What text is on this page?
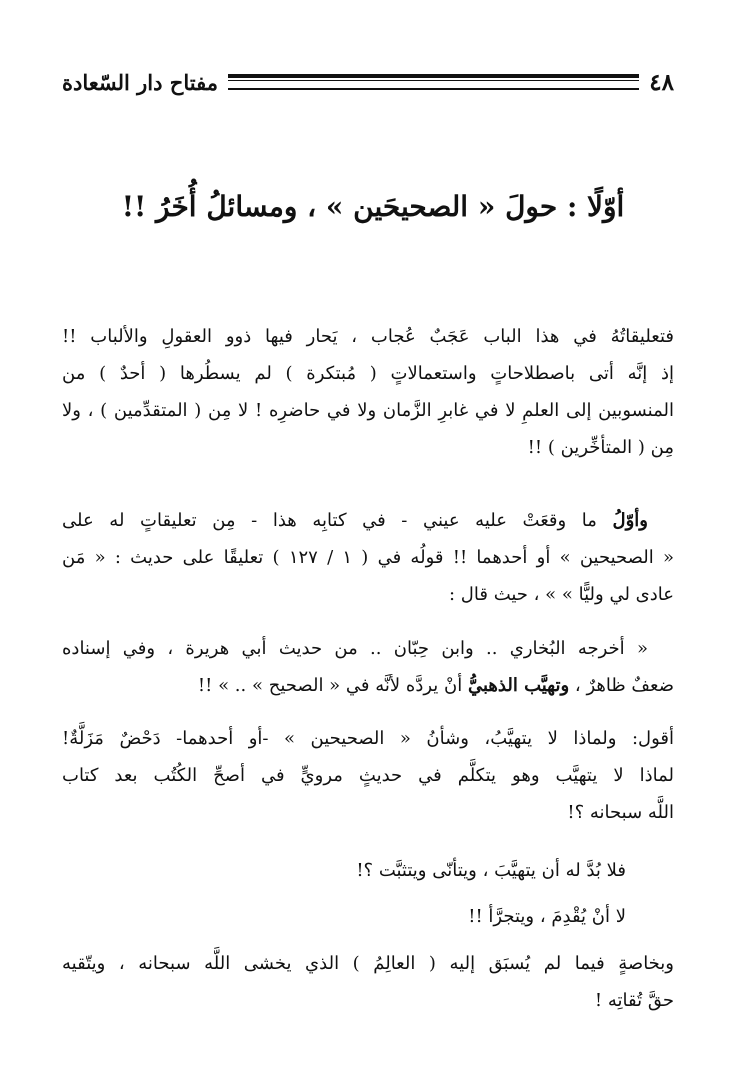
مفتاح دار السّعادة	٤٨
أوّلًا : حولَ « الصحيحَين » ، ومسائلُ أُخَرُ !!
فتعليقاتُهُ في هذا الباب عَجَبٌ عُجاب ، يَحار فيها ذوو العقولِ والألباب !!
إذ إنَّه أتى باصطلاحاتٍ واستعمالاتٍ ( مُبتكرة ) لم يسطُرها ( أحدٌ ) من
المنسوبين إلى العلمِ لا في غابرِ الزَّمان ولا في حاضرِه ! لا مِن ( المتقدِّمين ) ، ولا
مِن ( المتأخِّرين ) !!
وأوّلُ ما وقعَتْ عليه عيني - في كتابِه هذا - مِن تعليقاتٍ له على
« الصحيحين » أو أحدهما !! قولُه في ( ١ / ١٢٧ ) تعليقًا على حديث : « مَن
عادى لي وليًّا » » ، حيث قال :
« أخرجه البُخاري .. وابن حِبّان .. من حديث أبي هريرة ، وفي إسناده
ضعفٌ ظاهرٌ ، وتهيَّب الذهبيُّ أنْ يردَّه لأنَّه في « الصحيح » .. » !!
أقول: ولماذا لا يتهيَّبُ، وشأنُ « الصحيحين » -أو أحدهما- دَحْضٌ مَزَلَّةٌ!
لماذا لا يتهيَّب وهو يتكلَّم في حديثٍ مرويٍّ في أصحِّ الكُتُب بعد كتاب
اللَّه سبحانه ؟!
فلا بُدَّ له أن يتهيَّبَ ، ويتأنّى ويتثبَّت ؟!
لا أنْ يُقْدِمَ ، ويتجرَّأ !!
وبخاصةٍ فيما لم يُسبَق إليه ( العالِمُ ) الذي يخشى اللَّه سبحانه ، ويتّقيه
حقَّ تُقاتِه !
